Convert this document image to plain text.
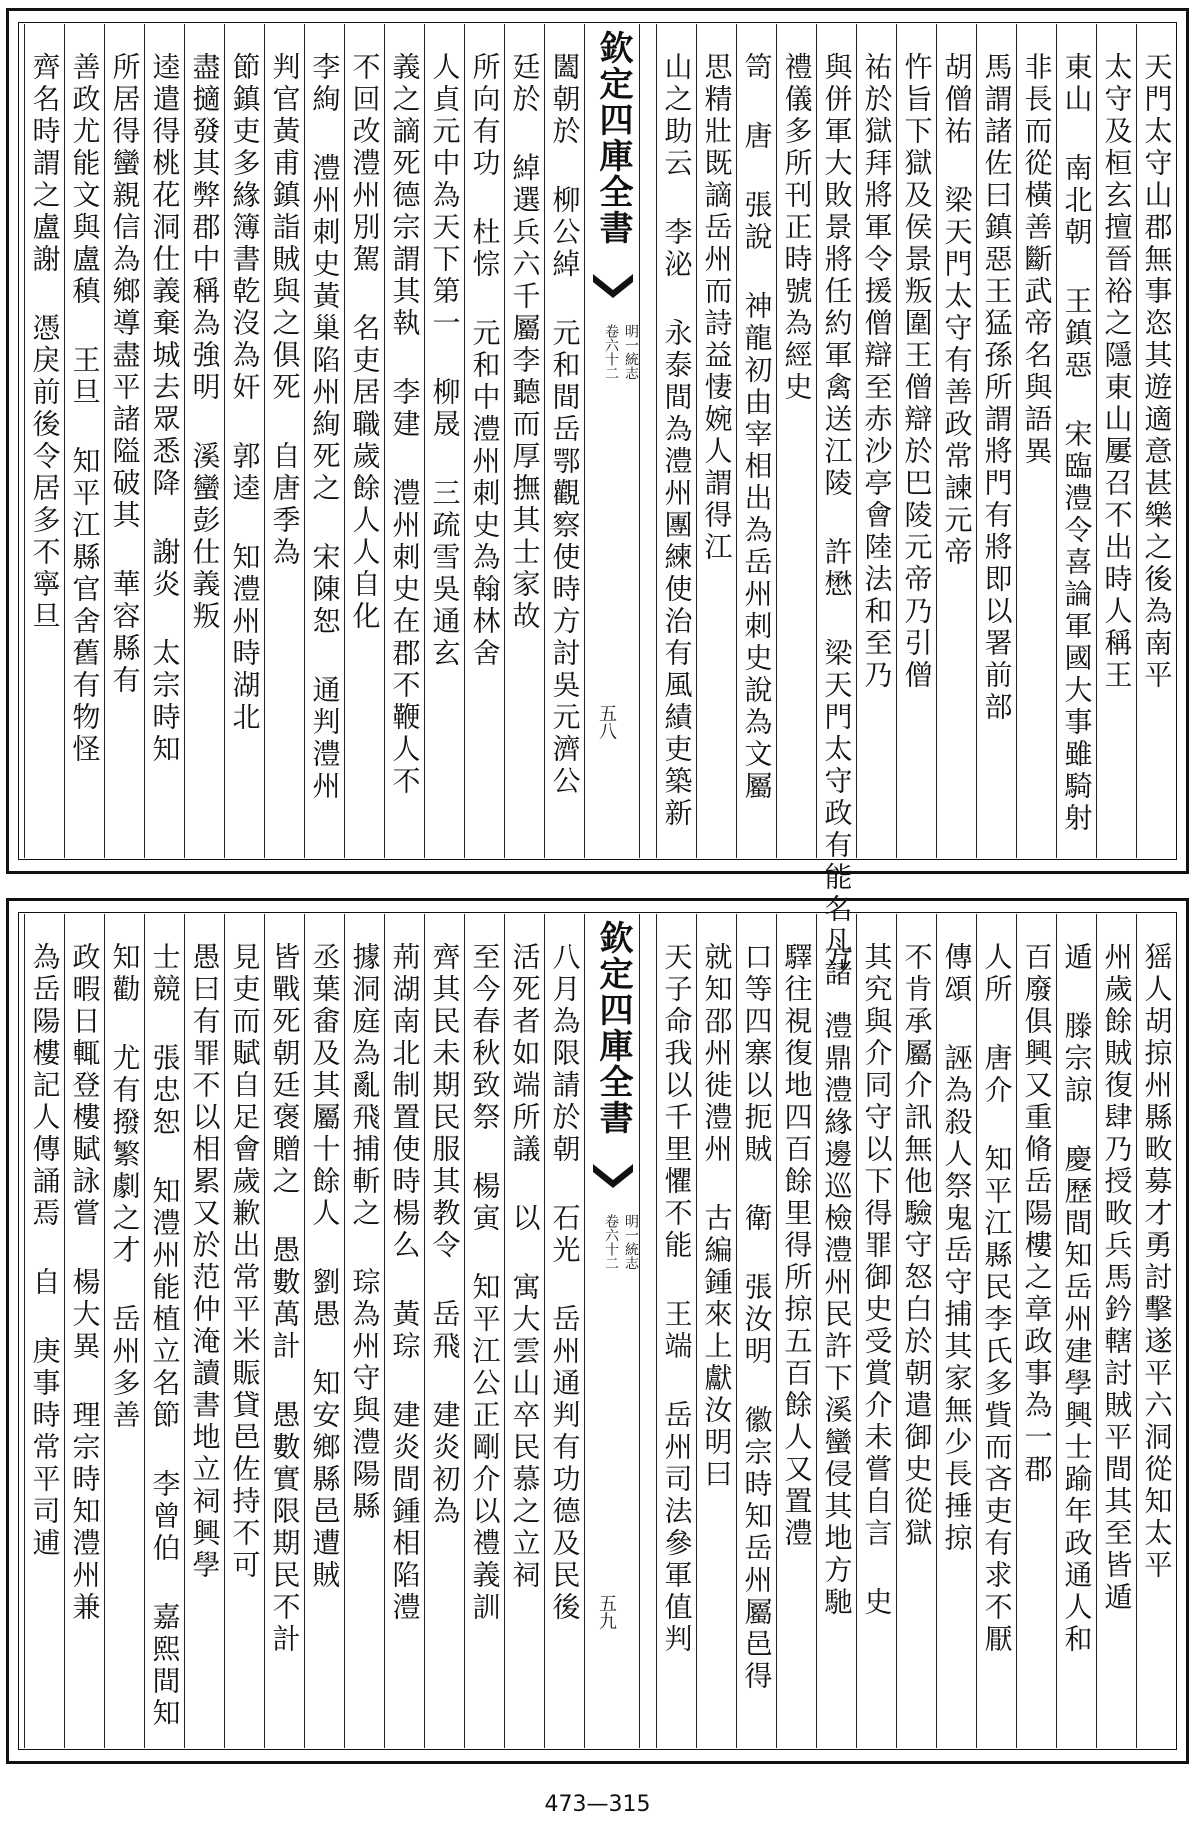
天門太守山郡無事恣其遊適意甚樂之後為南平
太守及桓玄擅晉裕之隱東山屢召不出時人稱王
東山 南北朝 王鎮惡 宋臨澧令喜論軍國大事雖騎射
非長而從橫善斷武帝名與語異
馬謂諸佐曰鎮惡王猛孫所謂將門有將即以署前部
胡僧祐 梁天門太守有善政常諫元帝
忤旨下獄及侯景叛圍王僧辯於巴陵元帝乃引僧
祐於獄拜將軍令援僧辯至赤沙亭會陸法和至乃
與併軍大敗景將任約軍禽送江陵 許懋 梁天門太守政有能名凡諸
禮儀多所刊正時號為經史
笥 唐 張說 神龍初由宰相出為岳州刺史說為文屬
思精壯既謫岳州而詩益悽婉人謂得江
山之助云 李泌 永泰間為澧州團練使治有風績吏築新
欽定四庫全書
卷六十二 明一統志
五八
闔朝於 柳公綽 元和間岳鄂觀察使時方討吳元濟公
廷於 綽選兵六千屬李聽而厚撫其士家故
所向有功 杜悰 元和中澧州刺史為翰林舍
人貞元中為天下第一 柳晟 三疏雪吳通玄
義之謫死德宗謂其執 李建 澧州刺史在郡不鞭人不
不回改澧州別駕 名吏居職歲餘人人自化
李絢 澧州刺史黃巢陷州絢死之 宋陳恕 通判澧州
判官黃甫鎮詣賊與之俱死 自唐季為
節鎮吏多緣簿書乾沒為奸 郭逵 知澧州時湖北
盡擿發其弊郡中稱為強明 溪蠻彭仕義叛
逵遣得桃花洞仕義棄城去眾悉降 謝炎 太宗時知
所居得蠻親信為鄉導盡平諸隘破其 華容縣有
善政尤能文與盧稹 王旦 知平江縣官舍舊有物怪
齊名時謂之盧謝 憑戾前後令居多不寧旦
猺人胡掠州縣畋募才勇討擊遂平六洞從知太平
州歲餘賊復肆乃授畋兵馬鈐轄討賊平間其至皆遁
遁 滕宗諒 慶歷間知岳州建學興士踰年政通人和
百廢俱興又重脩岳陽樓之章政事為一郡
人所 唐介 知平江縣民李氏多貲而吝吏有求不厭
傳頌 誣為殺人祭鬼岳守捕其家無少長捶掠
不肯承屬介訊無他驗守怒白於朝遣御史從獄
其究與介同守以下得罪御史受賞介未嘗自言 史
方 澧鼎澧緣邊巡檢澧州民許下溪蠻侵其地方馳
驛往視復地四百餘里得所掠五百餘人又置澧
口等四寨以扼賊 衛 張汝明 徽宗時知岳州屬邑得
就知邵州徙澧州 古編鍾來上獻汝明曰
天子命我以千里懼不能 王端 岳州司法參軍值判
欽定四庫全書
卷六十二 明一統志
五九
八月為限請於朝 石光 岳州通判有功德及民後
活死者如端所議 以 寓大雲山卒民慕之立祠
至今春秋致祭 楊寅 知平江公正剛介以禮義訓
齊其民未期民服其教令 岳飛 建炎初為
荊湖南北制置使時楊么 黃琮 建炎間鍾相陷澧
據洞庭為亂飛捕斬之 琮為州守與澧陽縣
丞葉畬及其屬十餘人 劉愚 知安鄉縣邑遭賊
皆戰死朝廷褒贈之 愚數萬計 愚數實限期民不計
見吏而賦自足會歲歉出常平米賑貸邑佐持不可
愚曰有罪不以相累又於范仲淹讀書地立祠興學
士競 張忠恕 知澧州能植立名節 李曾伯 嘉熙間知
知勸 尤有撥繁劇之才 岳州多善
政暇日輒登樓賦詠嘗 楊大異 理宗時知澧州兼
為岳陽樓記人傳誦焉 自 庚事時常平司逋
473—315
